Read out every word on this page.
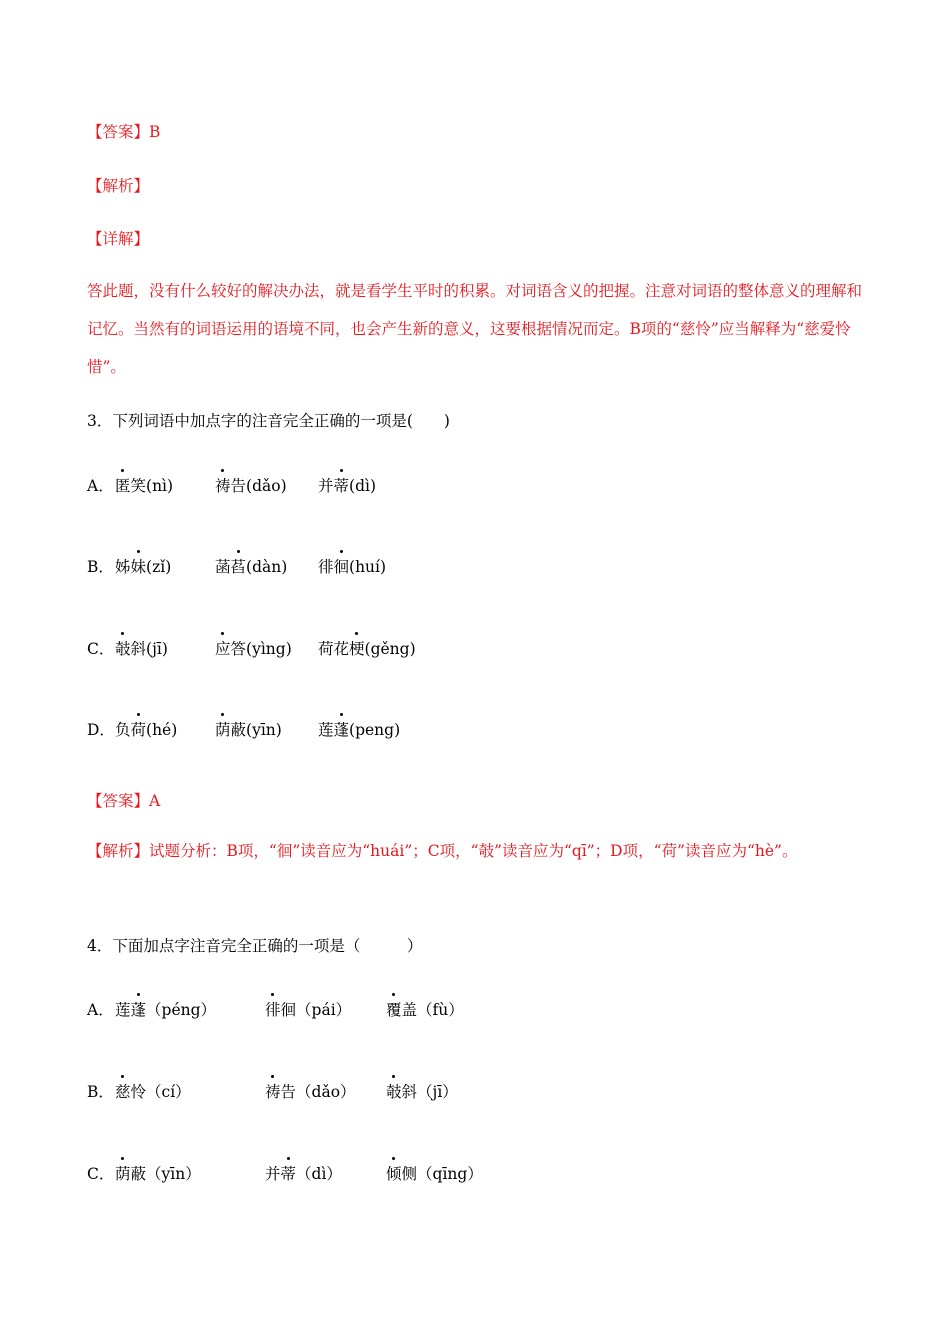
【答案】B
【解析】
【详解】
答此题，没有什么较好的解决办法，就是看学生平时的积累。对词语含义的把握。注意对词语的整体意义的理解和记忆。当然有的词语运用的语境不同，也会产生新的意义，这要根据情况而定。B项的“慈怜”应当解释为“慈爱怜惜”。
3．下列词语中加点字的注音完全正确的一项是(　　)
A． 匿笑(nì)	祷告(dǎo) 并蒂(dì)
B． 姊妹(zǐ)	菡萏(dàn) 徘徊(huí)
C． 攲斜(jī)	应答(yìng) 荷花梗(gěng)
D． 负荷(hé) 荫蔽(yīn) 莲蓬(peng)
【答案】A
【解析】试题分析：B项，“徊”读音应为“huái”；C项，“攲”读音应为“qī”；D项，“荷”读音应为“hè”。
4．下面加点字注音完全正确的一项是（　　　）
A． 莲蓬（péng）	徘徊（pái） 覆盖（fù）
B． 慈怜（cí）	祷告（dǎo） 攲斜（jī）
C． 荫蔽（yīn）	并蒂（dì）	倾侧（qīng）
